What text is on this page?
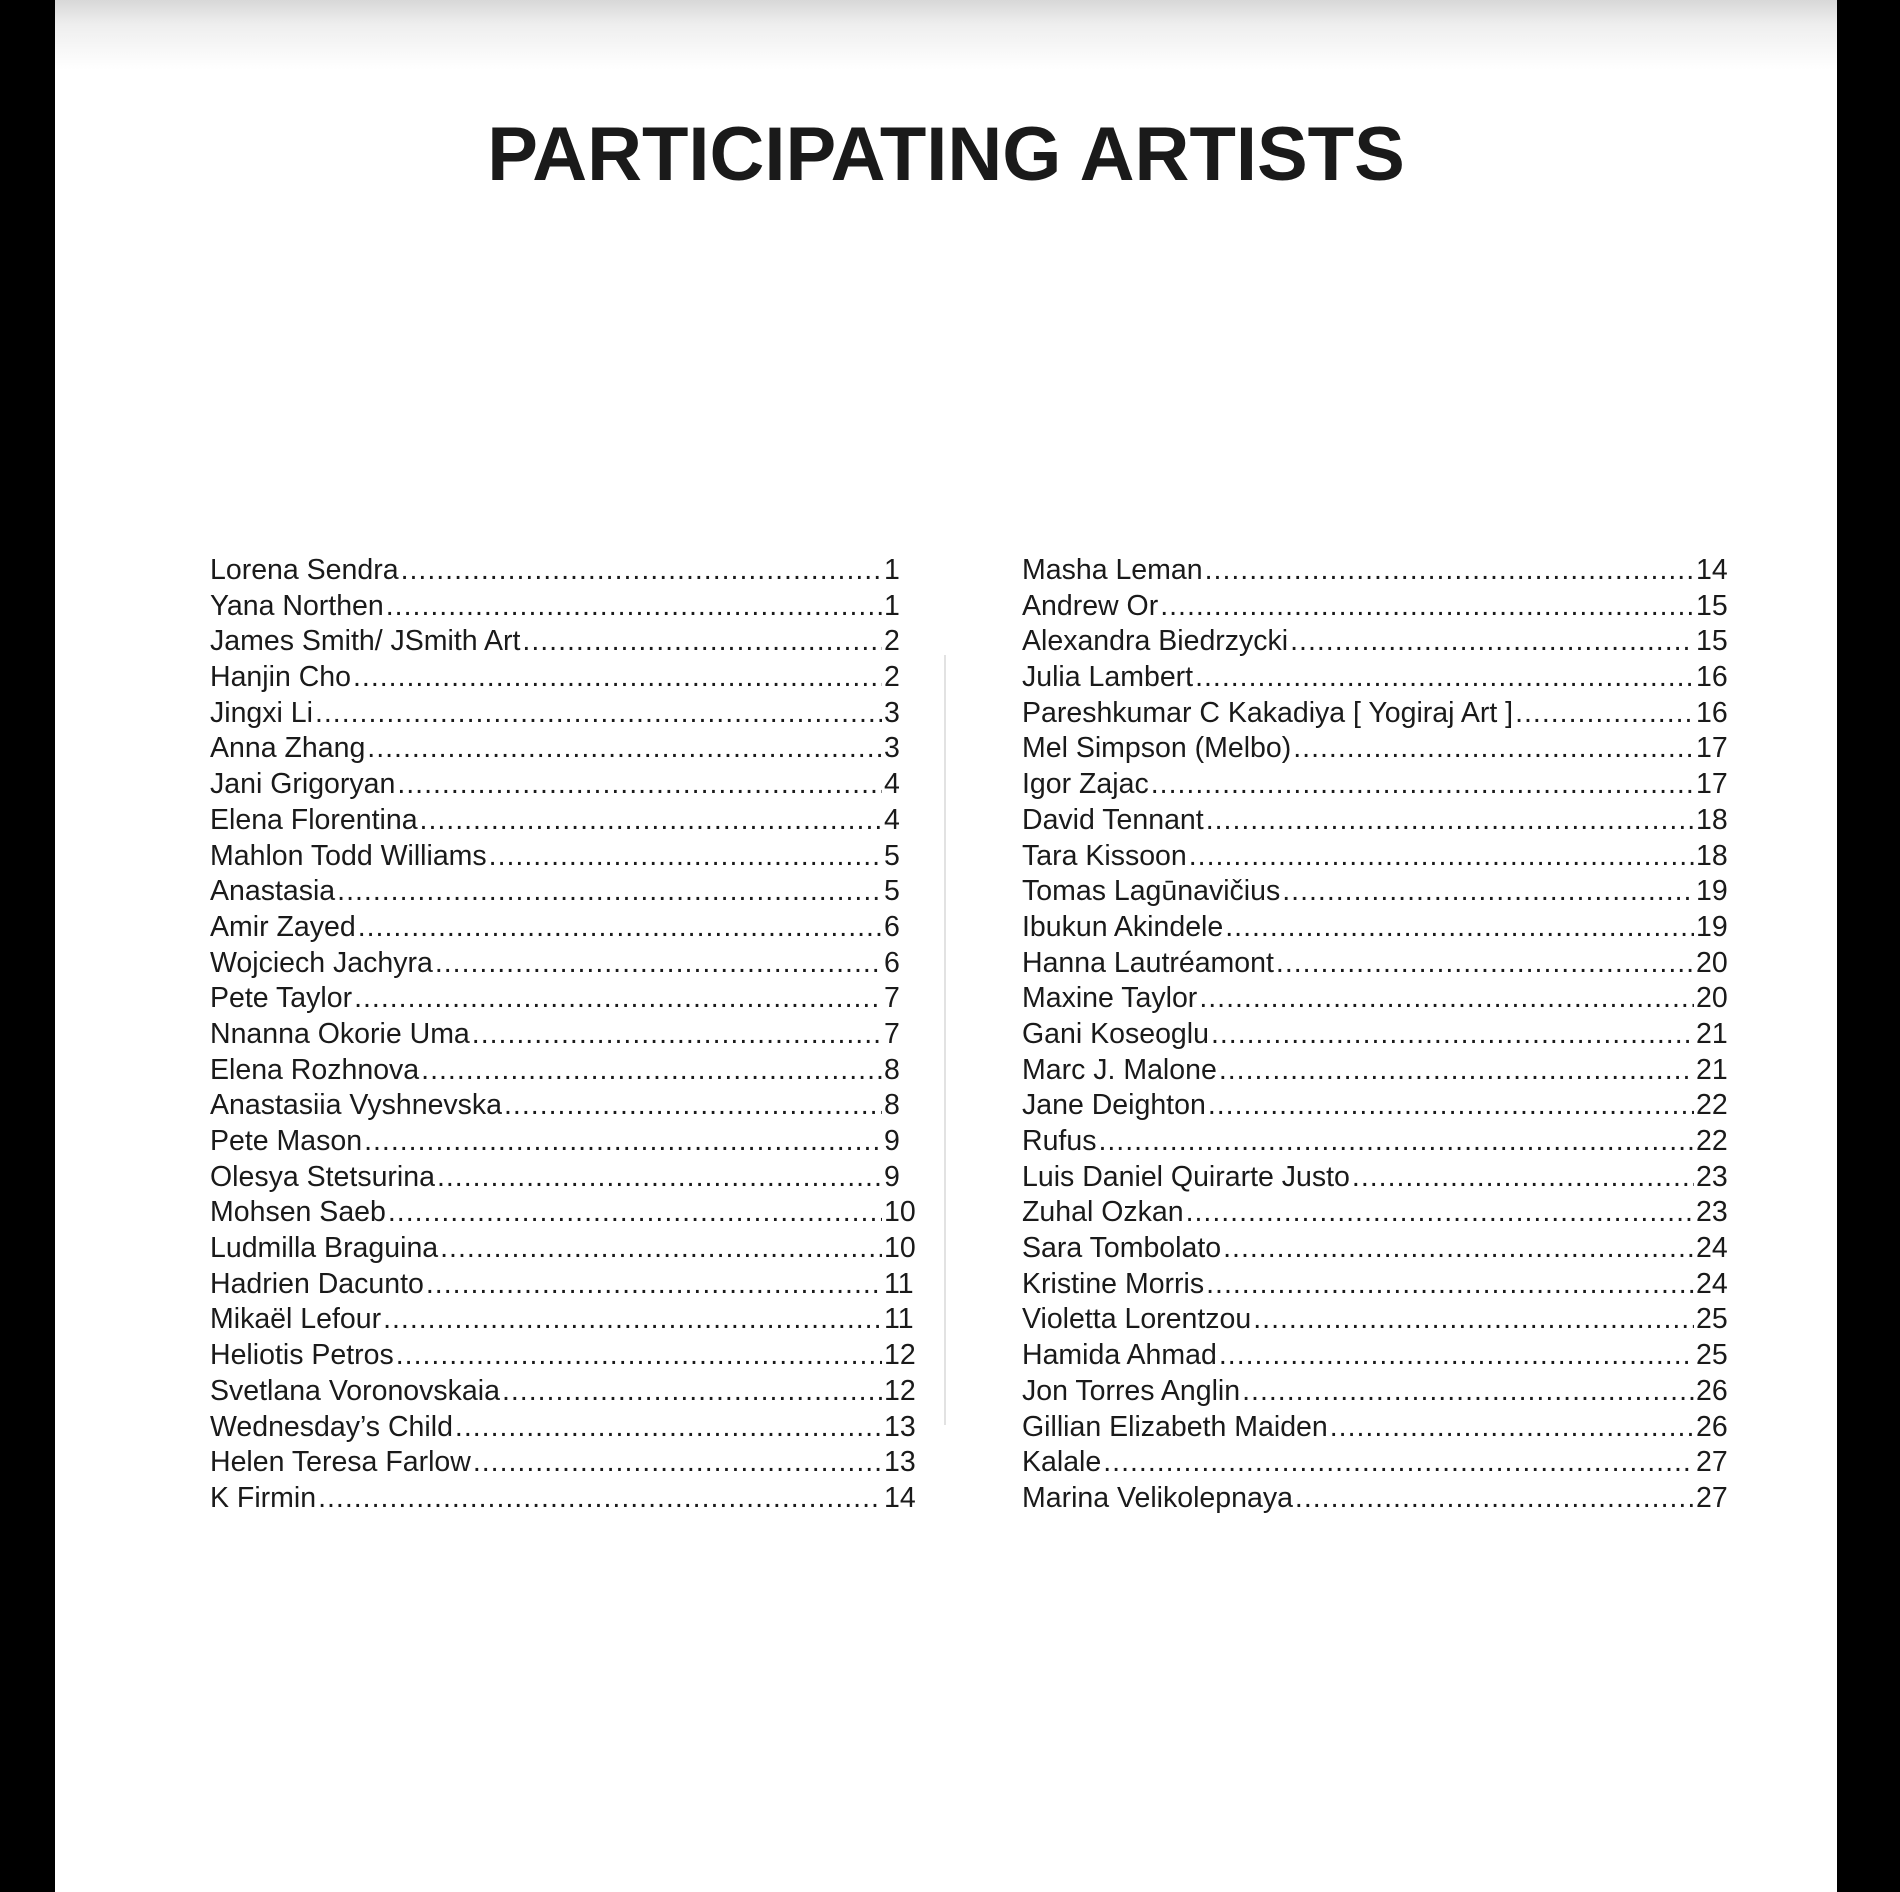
PARTICIPATING ARTISTS
Lorena Sendra .....	1
Yana Northen .....	1
James Smith/ JSmith Art .....	2
Hanjin Cho .....	2
Jingxi Li .....	3
Anna Zhang .....	3
Jani Grigoryan .....	4
Elena Florentina .....	4
Mahlon Todd Williams .....	5
Anastasia .....	5
Amir Zayed .....	6
Wojciech Jachyra .....	6
Pete Taylor .....	7
Nnanna Okorie Uma .....	7
Elena Rozhnova .....	8
Anastasiia Vyshnevska .....	8
Pete Mason .....	9
Olesya Stetsurina .....	9
Mohsen Saeb .....	10
Ludmilla Braguina .....	10
Hadrien Dacunto .....	11
Mikaël Lefour .....	11
Heliotis Petros .....	12
Svetlana Voronovskaia .....	12
Wednesday’s Child .....	13
Helen Teresa Farlow .....	13
K Firmin .....	14
Masha Leman .....	14
Andrew Or .....	15
Alexandra Biedrzycki .....	15
Julia Lambert .....	16
Pareshkumar C Kakadiya [ Yogiraj Art ] .....	16
Mel Simpson (Melbo) .....	17
Igor Zajac .....	17
David Tennant .....	18
Tara Kissoon .....	18
Tomas Lagūnavičius .....	19
Ibukun Akindele .....	19
Hanna Lautréamont .....	20
Maxine Taylor .....	20
Gani Koseoglu .....	21
Marc J. Malone .....	21
Jane Deighton .....	22
Rufus .....	22
Luis Daniel Quirarte Justo .....	23
Zuhal Ozkan .....	23
Sara Tombolato .....	24
Kristine Morris .....	24
Violetta Lorentzou .....	25
Hamida Ahmad .....	25
Jon Torres Anglin .....	26
Gillian Elizabeth Maiden .....	26
Kalale .....	27
Marina Velikolepnaya .....	27
